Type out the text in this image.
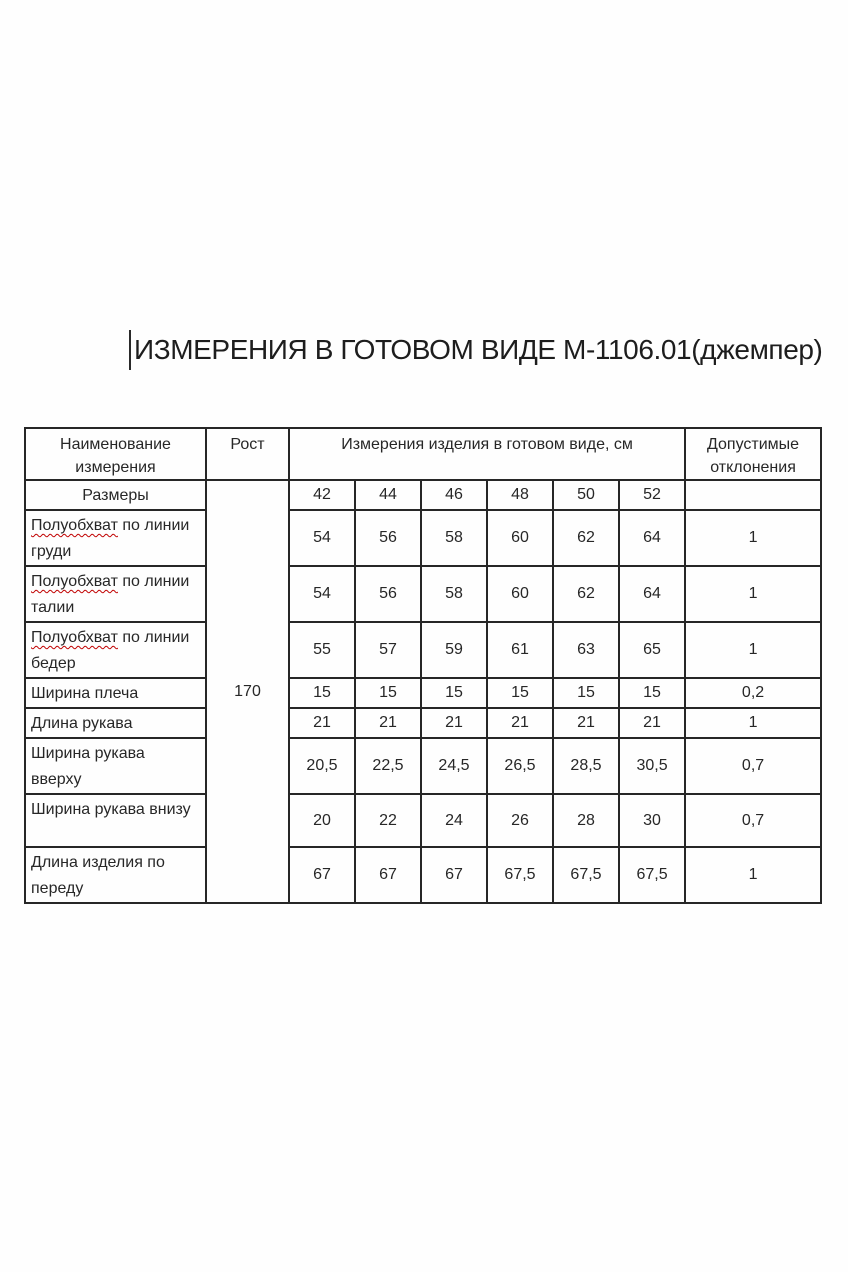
ИЗМЕРЕНИЯ В ГОТОВОМ ВИДЕ М-1106.01(джемпер)
Наименование измерения	Рост	Измерения изделия в готовом виде, см						Допустимые отклонения
Размеры	170	42	44	46	48	50	52	
Полуобхват по линии груди		54	56	58	60	62	64	1
Полуобхват по линии талии		54	56	58	60	62	64	1
Полуобхват по линии бедер		55	57	59	61	63	65	1
Ширина плеча		15	15	15	15	15	15	0,2
Длина рукава		21	21	21	21	21	21	1
Ширина рукава вверху		20,5	22,5	24,5	26,5	28,5	30,5	0,7
Ширина рукава внизу		20	22	24	26	28	30	0,7
Длина изделия по переду		67	67	67	67,5	67,5	67,5	1
